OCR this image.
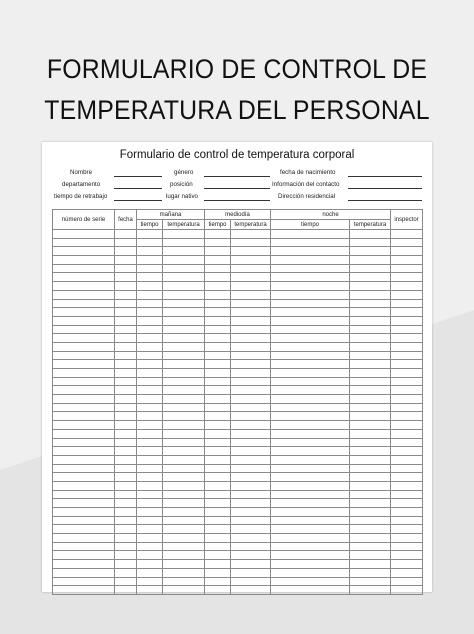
FORMULARIO DE CONTROL DE
TEMPERATURA DEL PERSONAL
Formulario de control de temperatura corporal
Nombre	género	fecha de nacimiento
departamento	posición	Información del contacto
tiempo de retrabajo	lugar nativo	Dirección residencial
número de serie	fecha	mañana		mediodía		noche		inspector
		tiempo	temperatura	tiempo	temperatura	tiempo	temperatura	
